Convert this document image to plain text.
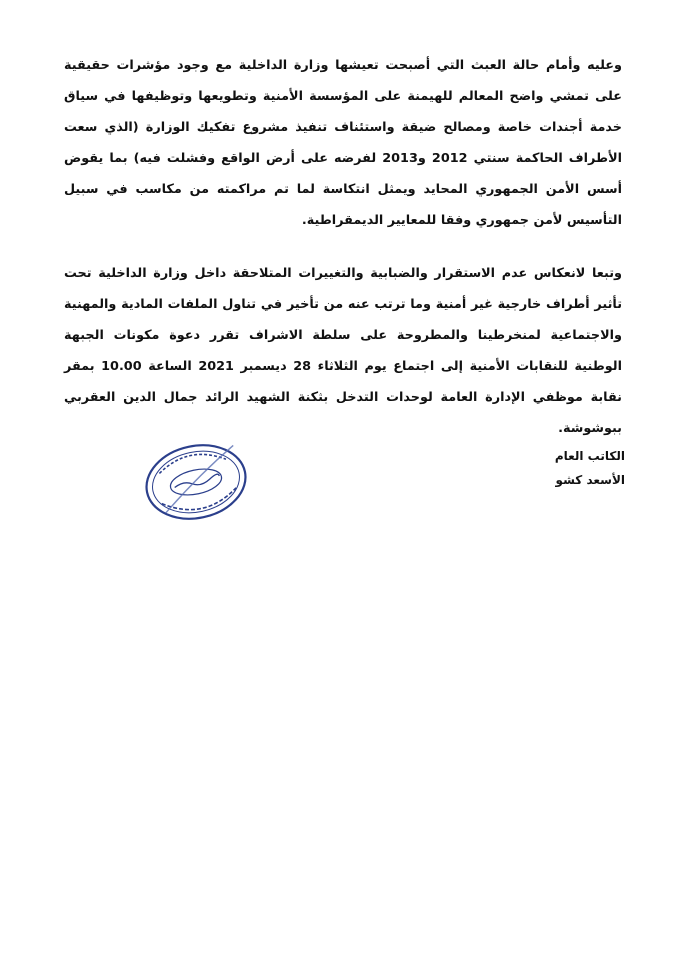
وعليه وأمام حالة العبث التي أصبحت تعيشها وزارة الداخلية مع وجود مؤشرات حقيقية على تمشي واضح المعالم للهيمنة على المؤسسة الأمنية وتطويعها وتوظيفها في سياق خدمة أجندات خاصة ومصالح ضيقة واستئناف تنفيذ مشروع تفكيك الوزارة (الذي سعت الأطراف الحاكمة سنتي 2012 و2013 لفرضه على أرض الواقع وفشلت فيه) بما يقوض أسس الأمن الجمهوري المحايد ويمثل انتكاسة لما تم مراكمته من مكاسب في سبيل التأسيس لأمن جمهوري وفقا للمعايير الديمقراطية.

وتبعا لانعكاس عدم الاستقرار والضبابية والتغييرات المتلاحقة داخل وزارة الداخلية تحت تأثير أطراف خارجية غير أمنية وما ترتب عنه من تأخير في تناول الملفات المادية والمهنية والاجتماعية لمنخرطينا والمطروحة على سلطة الاشراف تقرر دعوة مكونات الجبهة الوطنية للنقابات الأمنية إلى اجتماع يوم الثلاثاء 28 ديسمبر 2021 الساعة 10.00 بمقر نقابة موظفي الإدارة العامة لوحدات التدخل بثكنة الشهيد الرائد جمال الدين العقربي ببوشوشة.

الكاتب العام
الأسعد كشو
